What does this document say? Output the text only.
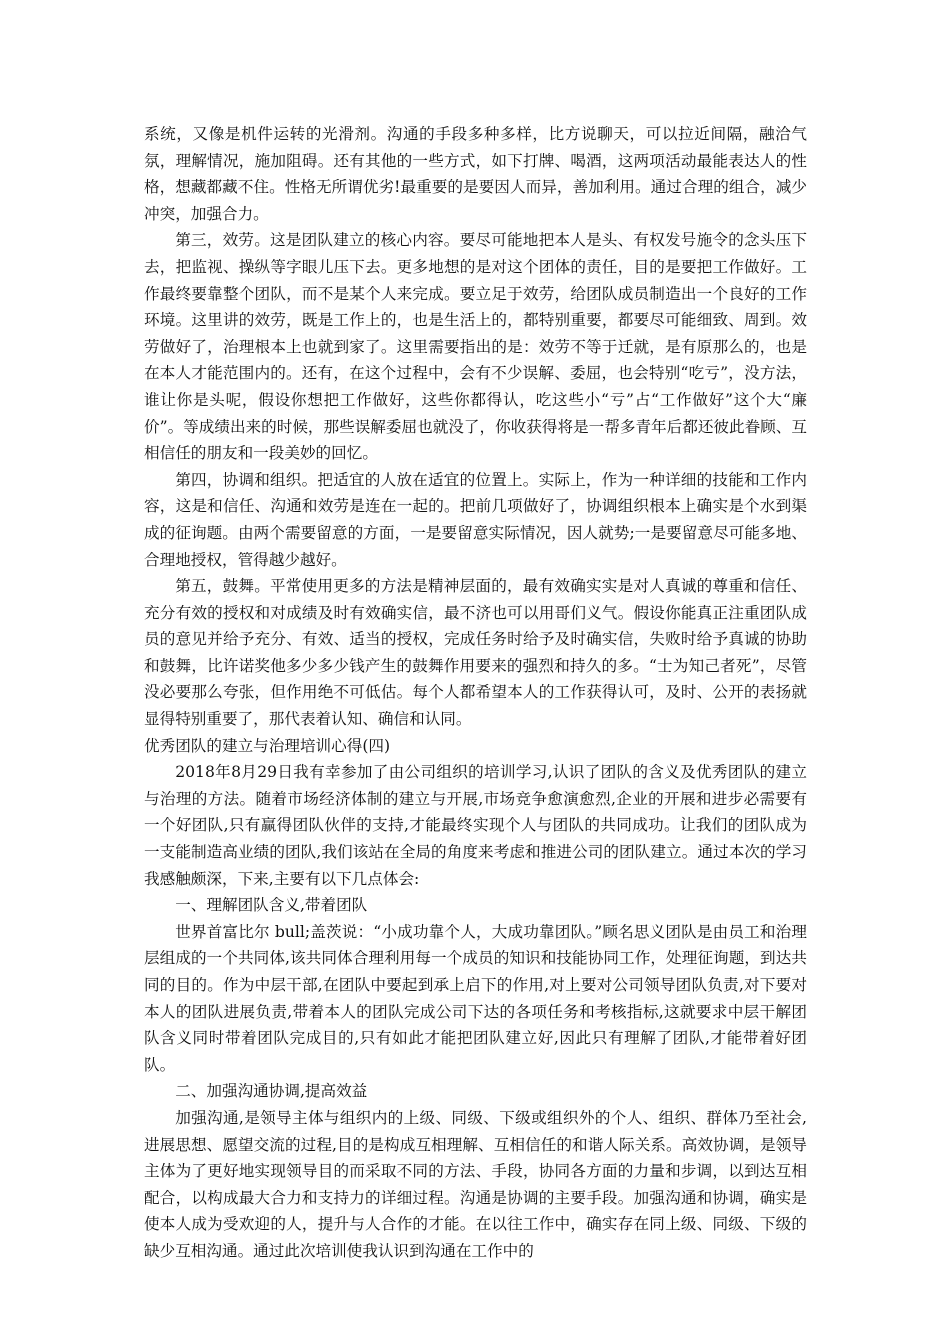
系统，又像是机件运转的光滑剂。沟通的手段多种多样，比方说聊天，可以拉近间隔，融洽气氛，理解情况，施加阻碍。还有其他的一些方式，如下打牌、喝酒，这两项活动最能表达人的性格，想藏都藏不住。性格无所谓优劣!最重要的是要因人而异，善加利用。通过合理的组合，减少冲突，加强合力。

第三，效劳。这是团队建立的核心内容。要尽可能地把本人是头、有权发号施令的念头压下去，把监视、操纵等字眼儿压下去。更多地想的是对这个团体的责任，目的是要把工作做好。工作最终要靠整个团队，而不是某个人来完成。要立足于效劳，给团队成员制造出一个良好的工作环境。这里讲的效劳，既是工作上的，也是生活上的，都特别重要，都要尽可能细致、周到。效劳做好了，治理根本上也就到家了。这里需要指出的是：效劳不等于迁就，是有原那么的，也是在本人才能范围内的。还有，在这个过程中，会有不少误解、委屈，也会特别“吃亏”，没方法，谁让你是头呢，假设你想把工作做好，这些你都得认，吃这些小“亏”占“工作做好”这个大“廉价”。等成绩出来的时候，那些误解委屈也就没了，你收获得将是一帮多青年后都还彼此眷顾、互相信任的朋友和一段美妙的回忆。

第四，协调和组织。把适宜的人放在适宜的位置上。实际上，作为一种详细的技能和工作内容，这是和信任、沟通和效劳是连在一起的。把前几项做好了，协调组织根本上确实是个水到渠成的征询题。由两个需要留意的方面，一是要留意实际情况，因人就势;一是要留意尽可能多地、合理地授权，管得越少越好。

第五，鼓舞。平常使用更多的方法是精神层面的，最有效确实实是对人真诚的尊重和信任、充分有效的授权和对成绩及时有效确实信，最不济也可以用哥们义气。假设你能真正注重团队成员的意见并给予充分、有效、适当的授权，完成任务时给予及时确实信，失败时给予真诚的协助和鼓舞，比许诺奖他多少多少钱产生的鼓舞作用要来的强烈和持久的多。“士为知己者死”，尽管没必要那么夸张，但作用绝不可低估。每个人都希望本人的工作获得认可，及时、公开的表扬就显得特别重要了，那代表着认知、确信和认同。

优秀团队的建立与治理培训心得(四)

2018年8月29日我有幸参加了由公司组织的培训学习,认识了团队的含义及优秀团队的建立与治理的方法。随着市场经济体制的建立与开展,市场竞争愈演愈烈,企业的开展和进步必需要有一个好团队,只有赢得团队伙伴的支持,才能最终实现个人与团队的共同成功。让我们的团队成为一支能制造高业绩的团队,我们该站在全局的角度来考虑和推进公司的团队建立。通过本次的学习我感触颇深，下来,主要有以下几点体会:

一、理解团队含义,带着团队

世界首富比尔 bull;盖茨说：“小成功靠个人，大成功靠团队。”顾名思义团队是由员工和治理层组成的一个共同体,该共同体合理利用每一个成员的知识和技能协同工作，处理征询题，到达共同的目的。作为中层干部,在团队中要起到承上启下的作用,对上要对公司领导团队负责,对下要对本人的团队进展负责,带着本人的团队完成公司下达的各项任务和考核指标,这就要求中层干解团队含义同时带着团队完成目的,只有如此才能把团队建立好,因此只有理解了团队,才能带着好团队。

二、加强沟通协调,提高效益

加强沟通,是领导主体与组织内的上级、同级、下级或组织外的个人、组织、群体乃至社会,进展思想、愿望交流的过程,目的是构成互相理解、互相信任的和谐人际关系。高效协调，是领导主体为了更好地实现领导目的而采取不同的方法、手段，协同各方面的力量和步调，以到达互相配合，以构成最大合力和支持力的详细过程。沟通是协调的主要手段。加强沟通和协调，确实是使本人成为受欢迎的人，提升与人合作的才能。在以往工作中，确实存在同上级、同级、下级的缺少互相沟通。通过此次培训使我认识到沟通在工作中的
